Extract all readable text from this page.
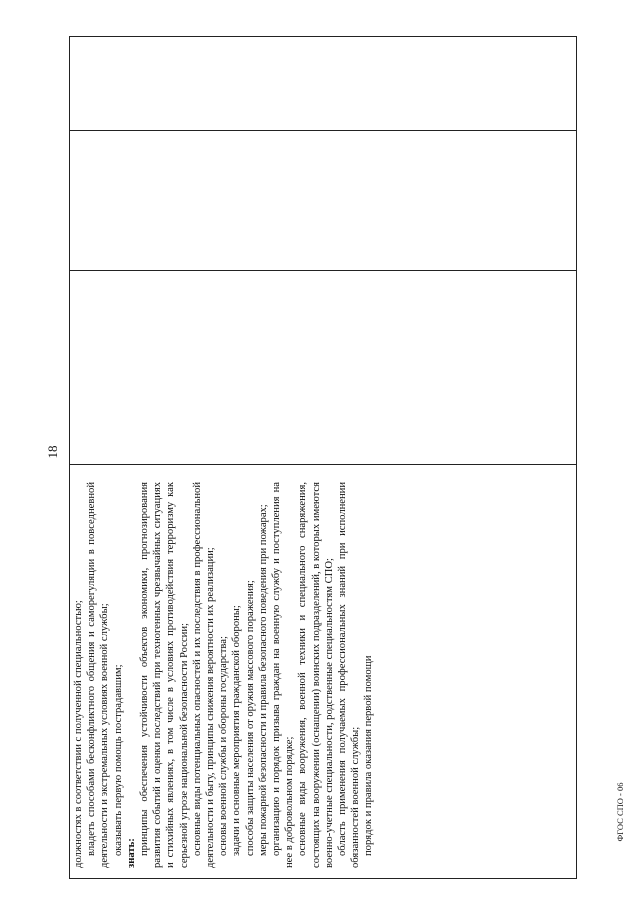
18
должностях в соответствии с полученной специальностью; владеть способами бесконфликтного общения и саморегуляции в повседневной деятельности и экстремальных условиях военной службы; оказывать первую помощь пострадавшим; знать: принципы обеспечения устойчивости объектов экономики, прогнозирования развития событий и оценки последствий при техногенных чрезвычайных ситуациях и стихийных явлениях, в том числе в условиях противодействия терроризму как серьезной угрозе национальной безопасности России; основные виды потенциальных опасностей и их последствия в профессиональной деятельности и быту, принципы снижения вероятности их реализации; основы военной службы и обороны государства; задачи и основные мероприятия гражданской обороны; способы защиты населения от оружия массового поражения; меры пожарной безопасности и правила безопасного поведения при пожарах; организацию и порядок призыва граждан на военную службу и поступления на нее в добровольном порядке; основные виды вооружения, военной техники и специального снаряжения, состоящих на вооружении (оснащении) воинских подразделений, в которых имеются военно-учетные специальности, родственные специальностям СПО; область применения получаемых профессиональных знаний при исполнении обязанностей военной службы; порядок и правила оказания первой помощи	ФГОС СПО - 06
